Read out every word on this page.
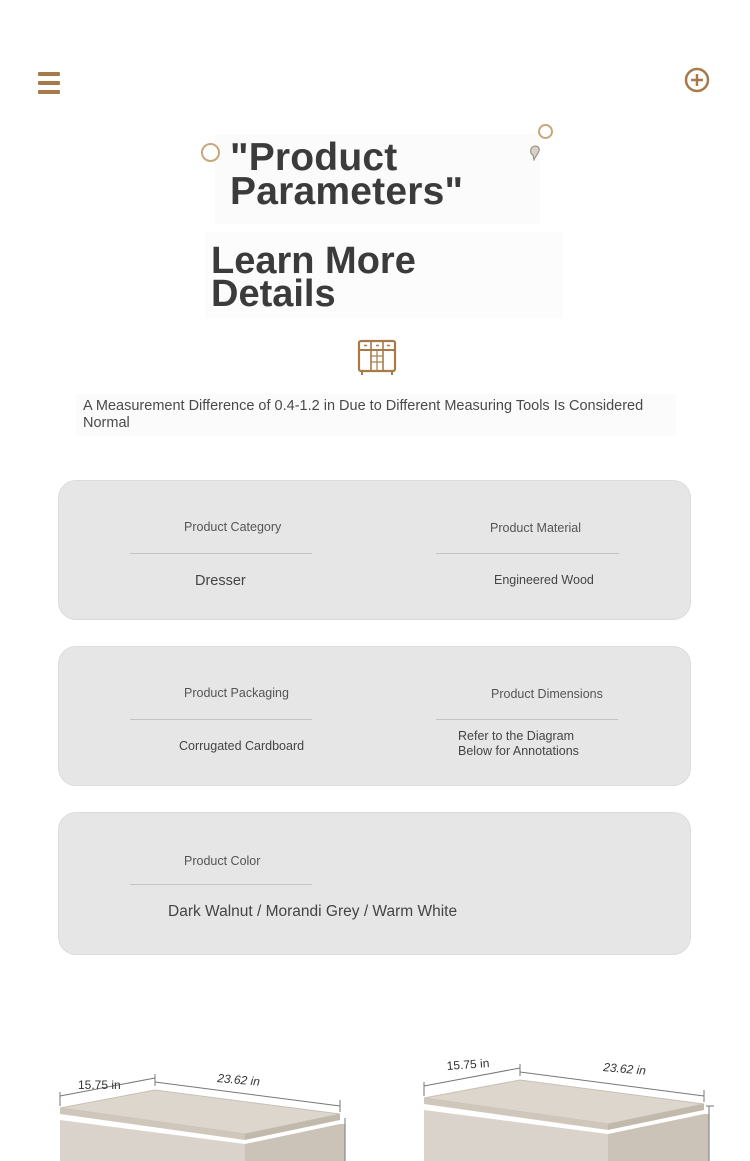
"Product
Parameters"
Learn More
Details
A Measurement Difference of 0.4-1.2 in Due to Different Measuring Tools Is Considered Normal
Product Category
Dresser
Product Material
Engineered Wood
Product Packaging
Corrugated Cardboard
Product Dimensions
Refer to the Diagram
Below for Annotations
Product Color
Dark Walnut / Morandi Grey / Warm White
15.75 in	23.62 in
15.75 in	23.62 in
